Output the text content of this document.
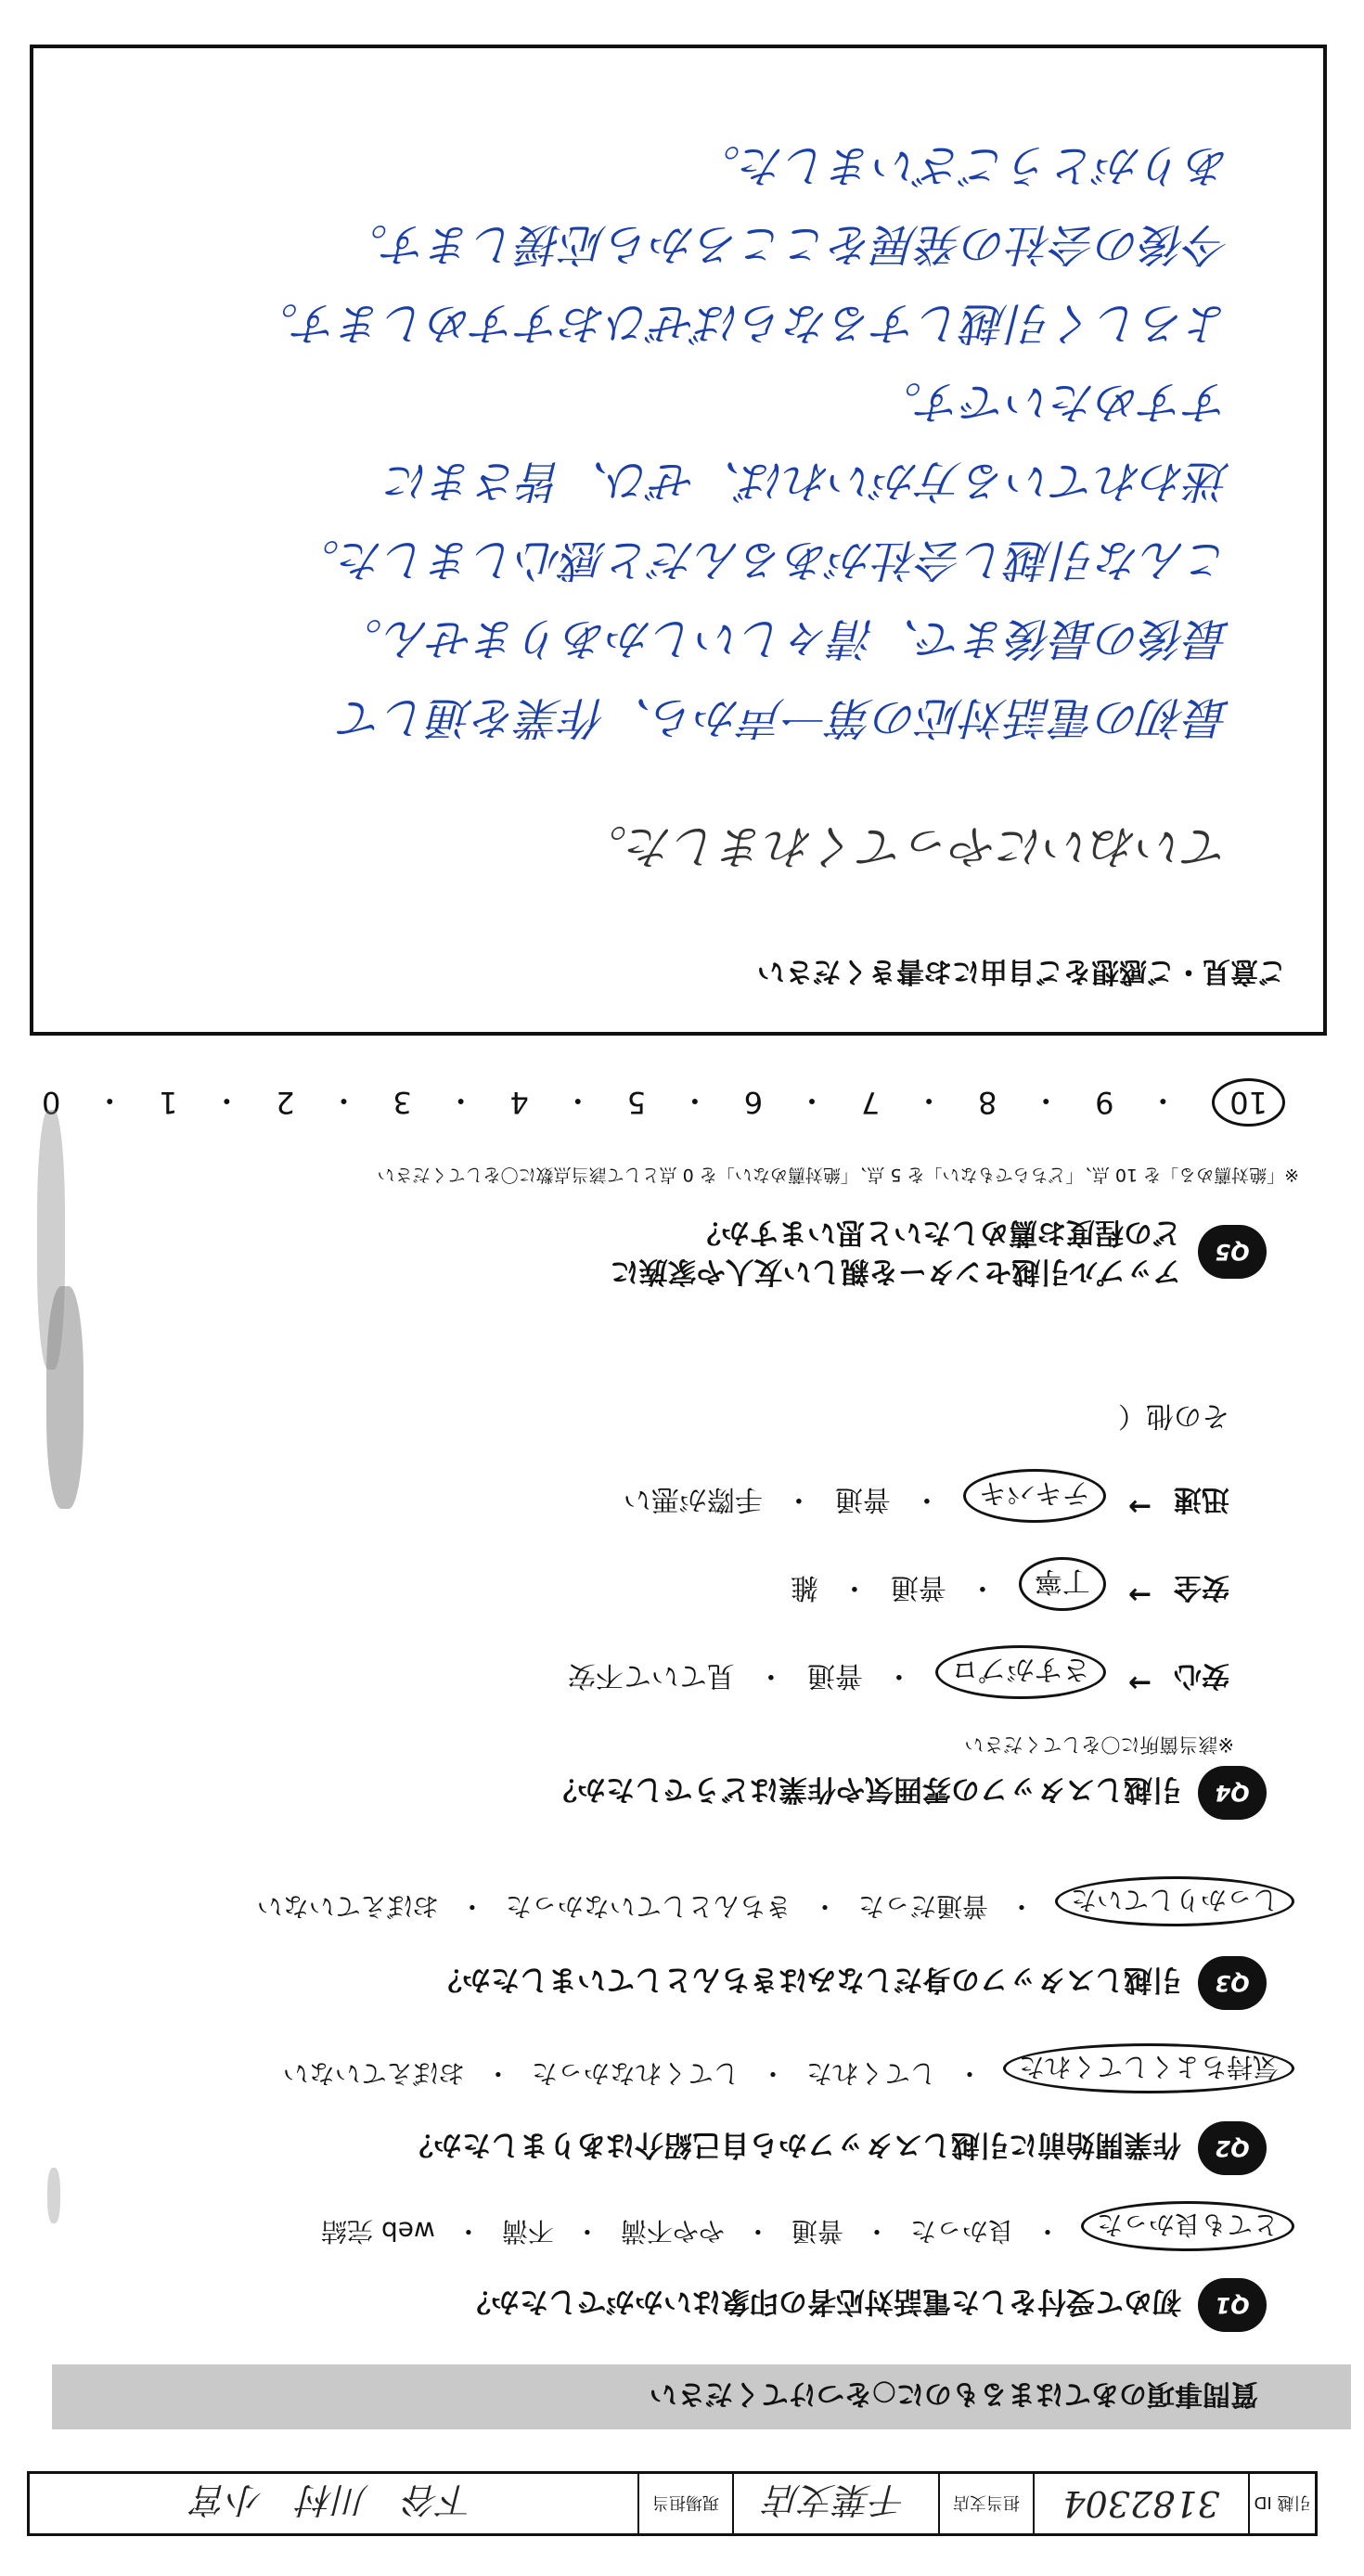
引越 ID
3182304
担当支店
千葉支店
現場担当
下谷　川村　小宮
質問事項のあてはまるものに○をつけてください
Q1
初めて受付をした電話対応者の印象はいかがでしたか？
とても良かった
・
良かった
・
普通
・
やや不満
・
不満
・
web 完結
Q2
作業開始前に引越しスタッフから自己紹介はありましたか？
気持ちよくしてくれた
・
してくれた
・
してくれなかった
・
おぼえていない
Q3
引越しスタッフの身だしなみはきちんとしていましたか？
しっかりしていた
・
普通だった
・
きちんとしていなかった
・
おぼえていない
Q4
引越しスタッフの雰囲気や作業はどうでしたか？
※該当箇所に〇をしてください
安心
→
さすがプロ
・
普通
・
見ていて不安
安全
→
丁寧
・
普通
・
雑
迅速
→
テキパキ
・
普通
・
手際が悪い
その他（
Q5
アップル引越センターを親しい友人や家族に
どの程度お薦めしたいと思いますか？
※「絶対薦める」を 10 点、「どちらでもない」を 5 点、「絶対薦めない」を 0 点として該当点数に〇をしてください
10
・
9
・
8
・
7
・
6
・
5
・
4
・
3
・
2
・
1
・
0
ご意見・ご感想をご自由にお書きください
ていねいにやってくれました。
最初の電話対応の第一声から、作業を通して
最後の最後まで、清々しいしかありません。
こんな引越し会社があるんだと感心しました。
迷われている方がいれば、ぜひ、皆さまに
すすめたいです。
よろしく引越しするならばぜひおすすめします。
今後の会社の発展をこころから応援します。
ありがとうございました。
